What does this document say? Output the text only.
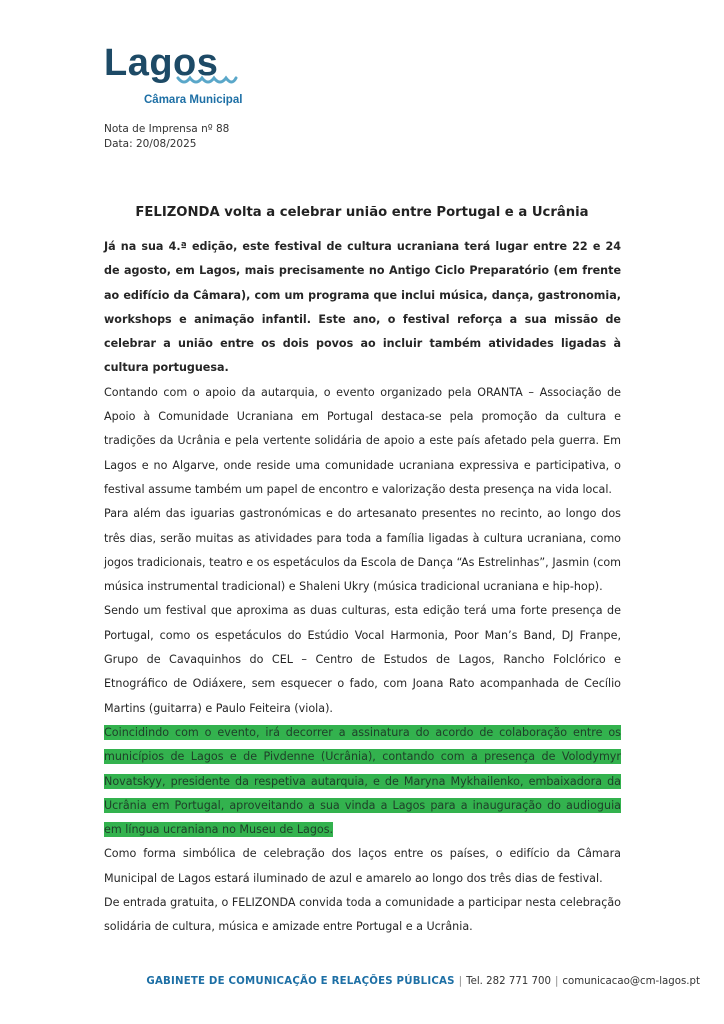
Lagos
Câmara Municipal
Nota de Imprensa nº 88
Data: 20/08/2025
FELIZONDA volta a celebrar união entre Portugal e a Ucrânia

Já na sua 4.ª edição, este festival de cultura ucraniana terá lugar entre 22 e 24 de agosto, em Lagos, mais precisamente no Antigo Ciclo Preparatório (em frente ao edifício da Câmara), com um programa que inclui música, dança, gastronomia, workshops e animação infantil. Este ano, o festival reforça a sua missão de celebrar a união entre os dois povos ao incluir também atividades ligadas à cultura portuguesa.

Contando com o apoio da autarquia, o evento organizado pela ORANTA – Associação de Apoio à Comunidade Ucraniana em Portugal destaca-se pela promoção da cultura e tradições da Ucrânia e pela vertente solidária de apoio a este país afetado pela guerra. Em Lagos e no Algarve, onde reside uma comunidade ucraniana expressiva e participativa, o festival assume também um papel de encontro e valorização desta presença na vida local.

Para além das iguarias gastronómicas e do artesanato presentes no recinto, ao longo dos três dias, serão muitas as atividades para toda a família ligadas à cultura ucraniana, como jogos tradicionais, teatro e os espetáculos da Escola de Dança “As Estrelinhas”, Jasmin (com música instrumental tradicional) e Shaleni Ukry (música tradicional ucraniana e hip-hop).

Sendo um festival que aproxima as duas culturas, esta edição terá uma forte presença de Portugal, como os espetáculos do Estúdio Vocal Harmonia, Poor Man’s Band, DJ Franpe, Grupo de Cavaquinhos do CEL – Centro de Estudos de Lagos, Rancho Folclórico e Etnográfico de Odiáxere, sem esquecer o fado, com Joana Rato acompanhada de Cecílio Martins (guitarra) e Paulo Feiteira (viola).

Coincidindo com o evento, irá decorrer a assinatura do acordo de colaboração entre os municípios de Lagos e de Pivdenne (Ucrânia), contando com a presença de Volodymyr Novatskyy, presidente da respetiva autarquia, e de Maryna Mykhailenko, embaixadora da Ucrânia em Portugal, aproveitando a sua vinda a Lagos para a inauguração do audioguia em língua ucraniana no Museu de Lagos.

Como forma simbólica de celebração dos laços entre os países, o edifício da Câmara Municipal de Lagos estará iluminado de azul e amarelo ao longo dos três dias de festival.

De entrada gratuita, o FELIZONDA convida toda a comunidade a participar nesta celebração solidária de cultura, música e amizade entre Portugal e a Ucrânia.

GABINETE DE COMUNICAÇÃO E RELAÇÕES PÚBLICAS | Tel. 282 771 700 | comunicacao@cm-lagos.pt
